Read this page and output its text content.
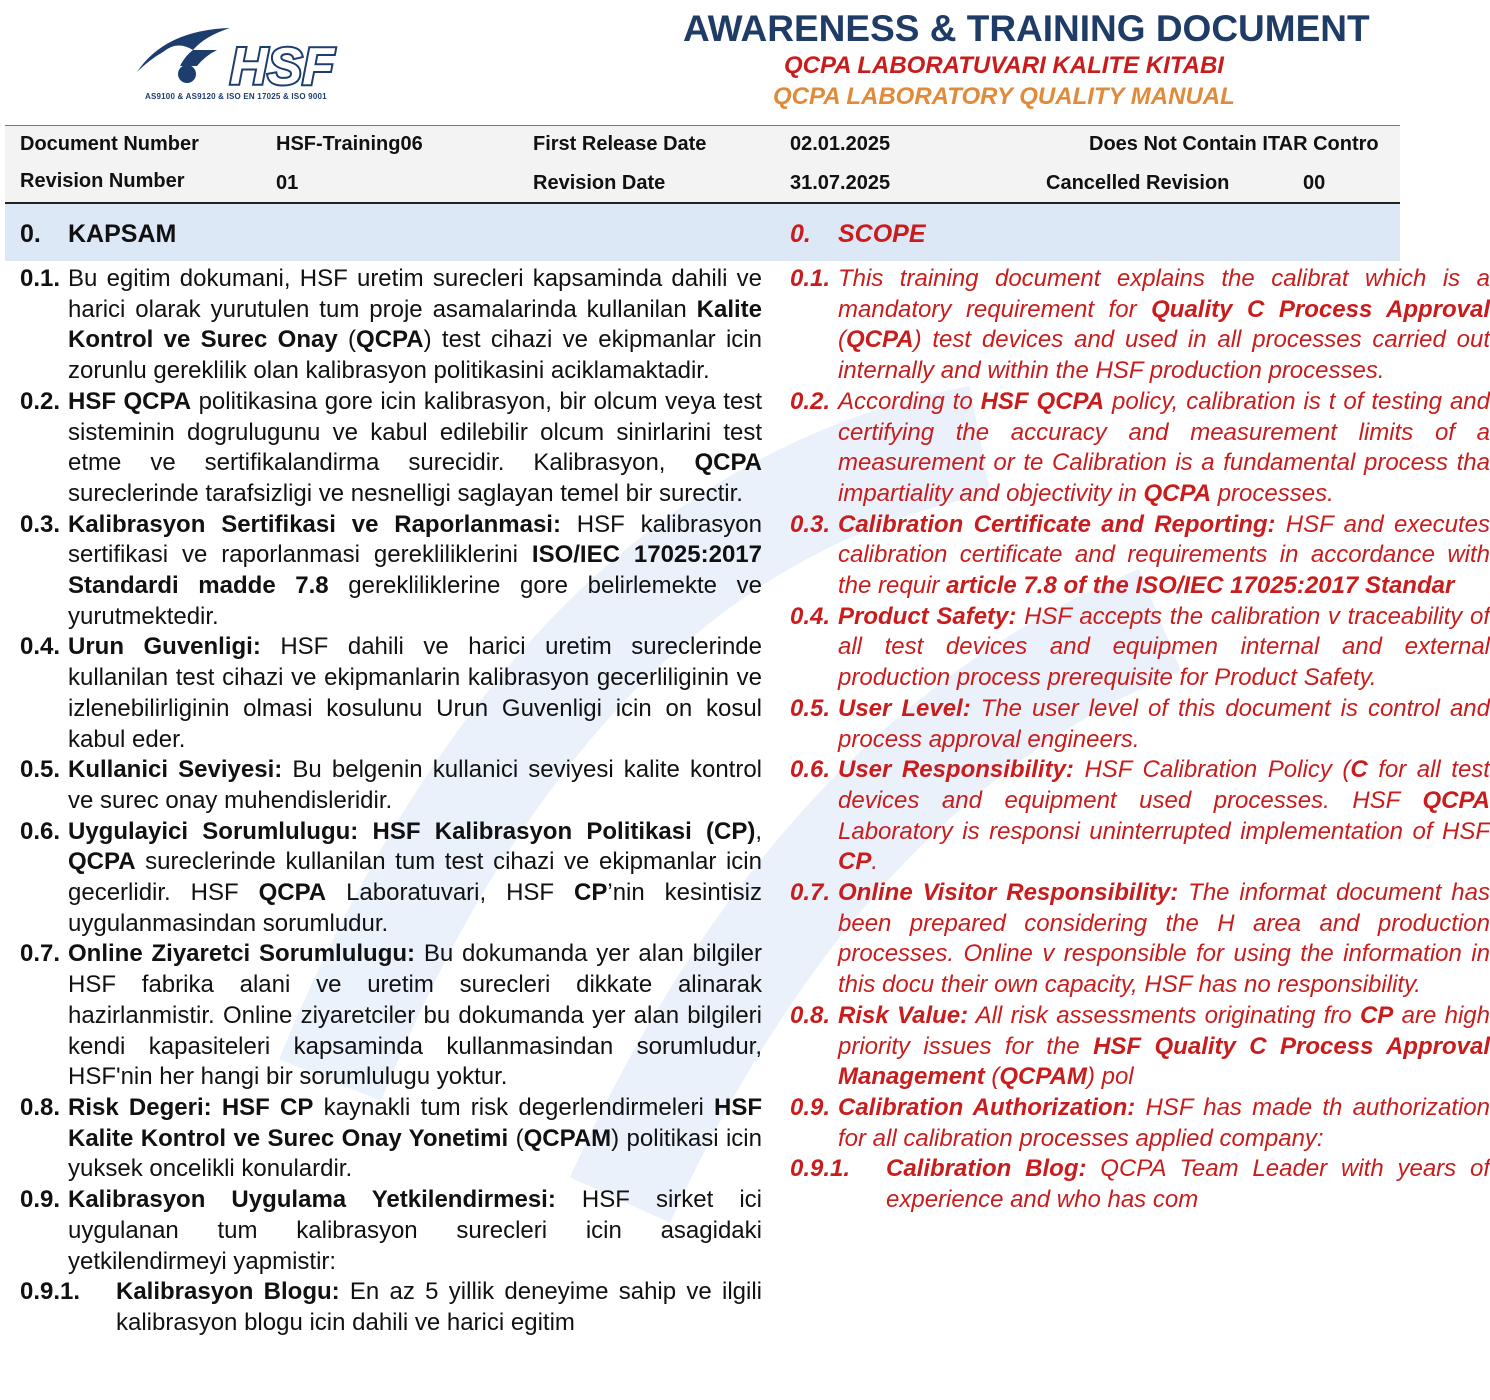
HSF
AS9100 & AS9120 & ISO EN 17025 & ISO 9001
AWARENESS & TRAINING DOCUMENT
QCPA LABORATUVARI KALITE KITABI
QCPA LABORATORY QUALITY MANUAL
Document Number	HSF-Training06	First Release Date	02.01.2025	Does Not Contain ITAR Contro
Revision Number	01	Revision Date	31.07.2025	Cancelled Revision	00
0. KAPSAM	0. SCOPE
0.1. Bu egitim dokumani, HSF uretim surecleri kapsaminda dahili ve harici olarak yurutulen tum proje asamalarinda kullanilan Kalite Kontrol ve Surec Onay (QCPA) test cihazi ve ekipmanlar icin zorunlu gereklilik olan kalibrasyon politikasini aciklamaktadir.
0.2. HSF QCPA politikasina gore icin kalibrasyon, bir olcum veya test sisteminin dogrulugunu ve kabul edilebilir olcum sinirlarini test etme ve sertifikalandirma surecidir. Kalibrasyon, QCPA sureclerinde tarafsizligi ve nesnelligi saglayan temel bir surectir.
0.3. Kalibrasyon Sertifikasi ve Raporlanmasi: HSF kalibrasyon sertifikasi ve raporlanmasi gerekliliklerini ISO/IEC 17025:2017 Standardi madde 7.8 gerekliliklerine gore belirlemekte ve yurutmektedir.
0.4. Urun Guvenligi: HSF dahili ve harici uretim sureclerinde kullanilan test cihazi ve ekipmanlarin kalibrasyon gecerliliginin ve izlenebilirliginin olmasi kosulunu Urun Guvenligi icin on kosul kabul eder.
0.5. Kullanici Seviyesi: Bu belgenin kullanici seviyesi kalite kontrol ve surec onay muhendisleridir.
0.6. Uygulayici Sorumlulugu: HSF Kalibrasyon Politikasi (CP), QCPA sureclerinde kullanilan tum test cihazi ve ekipmanlar icin gecerlidir. HSF QCPA Laboratuvari, HSF CP’nin kesintisiz uygulanmasindan sorumludur.
0.7. Online Ziyaretci Sorumlulugu: Bu dokumanda yer alan bilgiler HSF fabrika alani ve uretim surecleri dikkate alinarak hazirlanmistir. Online ziyaretciler bu dokumanda yer alan bilgileri kendi kapasiteleri kapsaminda kullanmasindan sorumludur, HSF'nin her hangi bir sorumlulugu yoktur.
0.8. Risk Degeri: HSF CP kaynakli tum risk degerlendirmeleri HSF Kalite Kontrol ve Surec Onay Yonetimi (QCPAM) politikasi icin yuksek oncelikli konulardir.
0.9. Kalibrasyon Uygulama Yetkilendirmesi: HSF sirket ici uygulanan tum kalibrasyon surecleri icin asagidaki yetkilendirmeyi yapmistir:
0.9.1.	Kalibrasyon Blogu: En az 5 yillik deneyime sahip ve ilgili kalibrasyon blogu icin dahili ve harici egitim
0.1. This training document explains the calibrat which is a mandatory requirement for Quality C Process Approval (QCPA) test devices and used in all processes carried out internally and within the HSF production processes.
0.2. According to HSF QCPA policy, calibration is t of testing and certifying the accuracy and measurement limits of a measurement or te Calibration is a fundamental process tha impartiality and objectivity in QCPA processes.
0.3. Calibration Certificate and Reporting: HSF and executes calibration certificate and requirements in accordance with the requir article 7.8 of the ISO/IEC 17025:2017 Standar
0.4. Product Safety: HSF accepts the calibration v traceability of all test devices and equipmen internal and external production process prerequisite for Product Safety.
0.5. User Level: The user level of this document is control and process approval engineers.
0.6. User Responsibility: HSF Calibration Policy (C for all test devices and equipment used processes. HSF QCPA Laboratory is responsi uninterrupted implementation of HSF CP.
0.7. Online Visitor Responsibility: The informat document has been prepared considering the H area and production processes. Online v responsible for using the information in this docu their own capacity, HSF has no responsibility.
0.8. Risk Value: All risk assessments originating fro CP are high priority issues for the HSF Quality C Process Approval Management (QCPAM) pol
0.9. Calibration Authorization: HSF has made th authorization for all calibration processes applied company:
0.9.1.	Calibration Blog: QCPA Team Leader with years of experience and who has com
